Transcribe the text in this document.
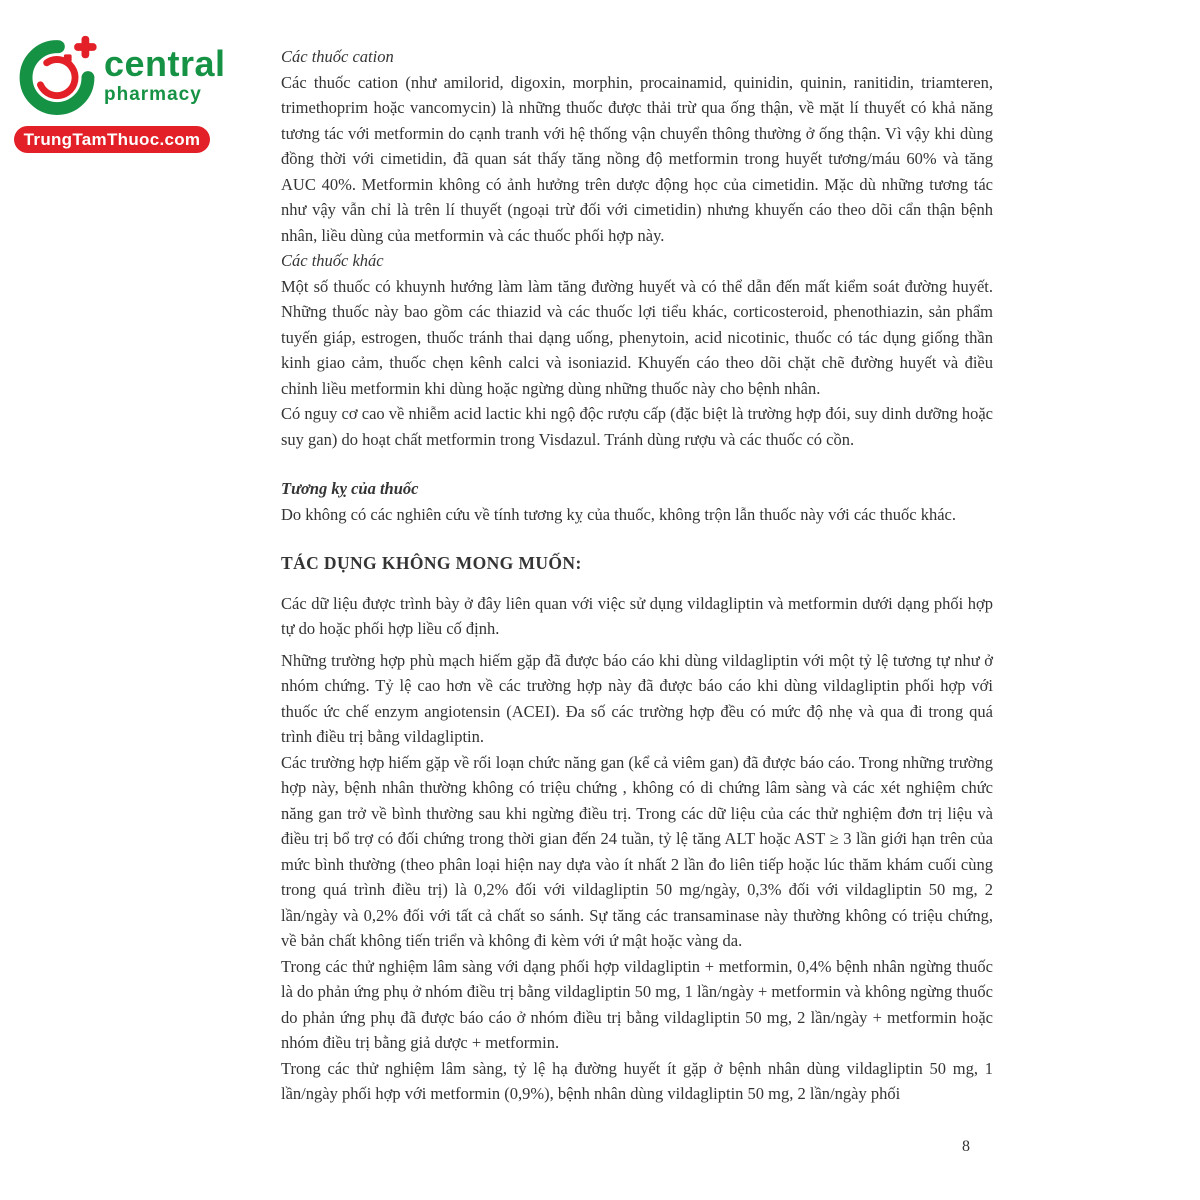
central
pharmacy
TrungTamThuoc.com
Các thuốc cation

Các thuốc cation (như amilorid, digoxin, morphin, procainamid, quinidin, quinin, ranitidin, triamteren, trimethoprim hoặc vancomycin) là những thuốc được thải trừ qua ống thận, về mặt lí thuyết có khả năng tương tác với metformin do cạnh tranh với hệ thống vận chuyển thông thường ở ống thận. Vì vậy khi dùng đồng thời với cimetidin, đã quan sát thấy tăng nồng độ metformin trong huyết tương/máu 60% và tăng AUC 40%. Metformin không có ảnh hưởng trên dược động học của cimetidin. Mặc dù những tương tác như vậy vẫn chỉ là trên lí thuyết (ngoại trừ đối với cimetidin) nhưng khuyến cáo theo dõi cẩn thận bệnh nhân, liều dùng của metformin và các thuốc phối hợp này.

Các thuốc khác

Một số thuốc có khuynh hướng làm làm tăng đường huyết và có thể dẫn đến mất kiểm soát đường huyết. Những thuốc này bao gồm các thiazid và các thuốc lợi tiểu khác, corticosteroid, phenothiazin, sản phẩm tuyến giáp, estrogen, thuốc tránh thai dạng uống, phenytoin, acid nicotinic, thuốc có tác dụng giống thần kinh giao cảm, thuốc chẹn kênh calci và isoniazid. Khuyến cáo theo dõi chặt chẽ đường huyết và điều chỉnh liều metformin khi dùng hoặc ngừng dùng những thuốc này cho bệnh nhân.

Có nguy cơ cao về nhiễm acid lactic khi ngộ độc rượu cấp (đặc biệt là trường hợp đói, suy dinh dưỡng hoặc suy gan) do hoạt chất metformin trong Visdazul. Tránh dùng rượu và các thuốc có cồn.

Tương kỵ của thuốc

Do không có các nghiên cứu về tính tương kỵ của thuốc, không trộn lẫn thuốc này với các thuốc khác.

TÁC DỤNG KHÔNG MONG MUỐN:

Các dữ liệu được trình bày ở đây liên quan với việc sử dụng vildagliptin và metformin dưới dạng phối hợp tự do hoặc phối hợp liều cố định.

Những trường hợp phù mạch hiếm gặp đã được báo cáo khi dùng vildagliptin với một tỷ lệ tương tự như ở nhóm chứng. Tỷ lệ cao hơn về các trường hợp này đã được báo cáo khi dùng vildagliptin phối hợp với thuốc ức chế enzym angiotensin (ACEI). Đa số các trường hợp đều có mức độ nhẹ và qua đi trong quá trình điều trị bằng vildagliptin.

Các trường hợp hiếm gặp về rối loạn chức năng gan (kể cả viêm gan) đã được báo cáo. Trong những trường hợp này, bệnh nhân thường không có triệu chứng , không có di chứng lâm sàng và các xét nghiệm chức năng gan trở về bình thường sau khi ngừng điều trị. Trong các dữ liệu của các thử nghiệm đơn trị liệu và điều trị bổ trợ có đối chứng trong thời gian đến 24 tuần, tỷ lệ tăng ALT hoặc AST ≥ 3 lần giới hạn trên của mức bình thường (theo phân loại hiện nay dựa vào ít nhất 2 lần đo liên tiếp hoặc lúc thăm khám cuối cùng trong quá trình điều trị) là 0,2% đối với vildagliptin 50 mg/ngày, 0,3% đối với vildagliptin 50 mg, 2 lần/ngày và 0,2% đối với tất cả chất so sánh. Sự tăng các transaminase này thường không có triệu chứng, về bản chất không tiến triển và không đi kèm với ứ mật hoặc vàng da.

Trong các thử nghiệm lâm sàng với dạng phối hợp vildagliptin + metformin, 0,4% bệnh nhân ngừng thuốc là do phản ứng phụ ở nhóm điều trị bằng vildagliptin 50 mg, 1 lần/ngày + metformin và không ngừng thuốc do phản ứng phụ đã được báo cáo ở nhóm điều trị bằng vildagliptin 50 mg, 2 lần/ngày + metformin hoặc nhóm điều trị bằng giả dược + metformin.

Trong các thử nghiệm lâm sàng, tỷ lệ hạ đường huyết ít gặp ở bệnh nhân dùng vildagliptin 50 mg, 1 lần/ngày phối hợp với metformin (0,9%), bệnh nhân dùng vildagliptin 50 mg, 2 lần/ngày phối

8
